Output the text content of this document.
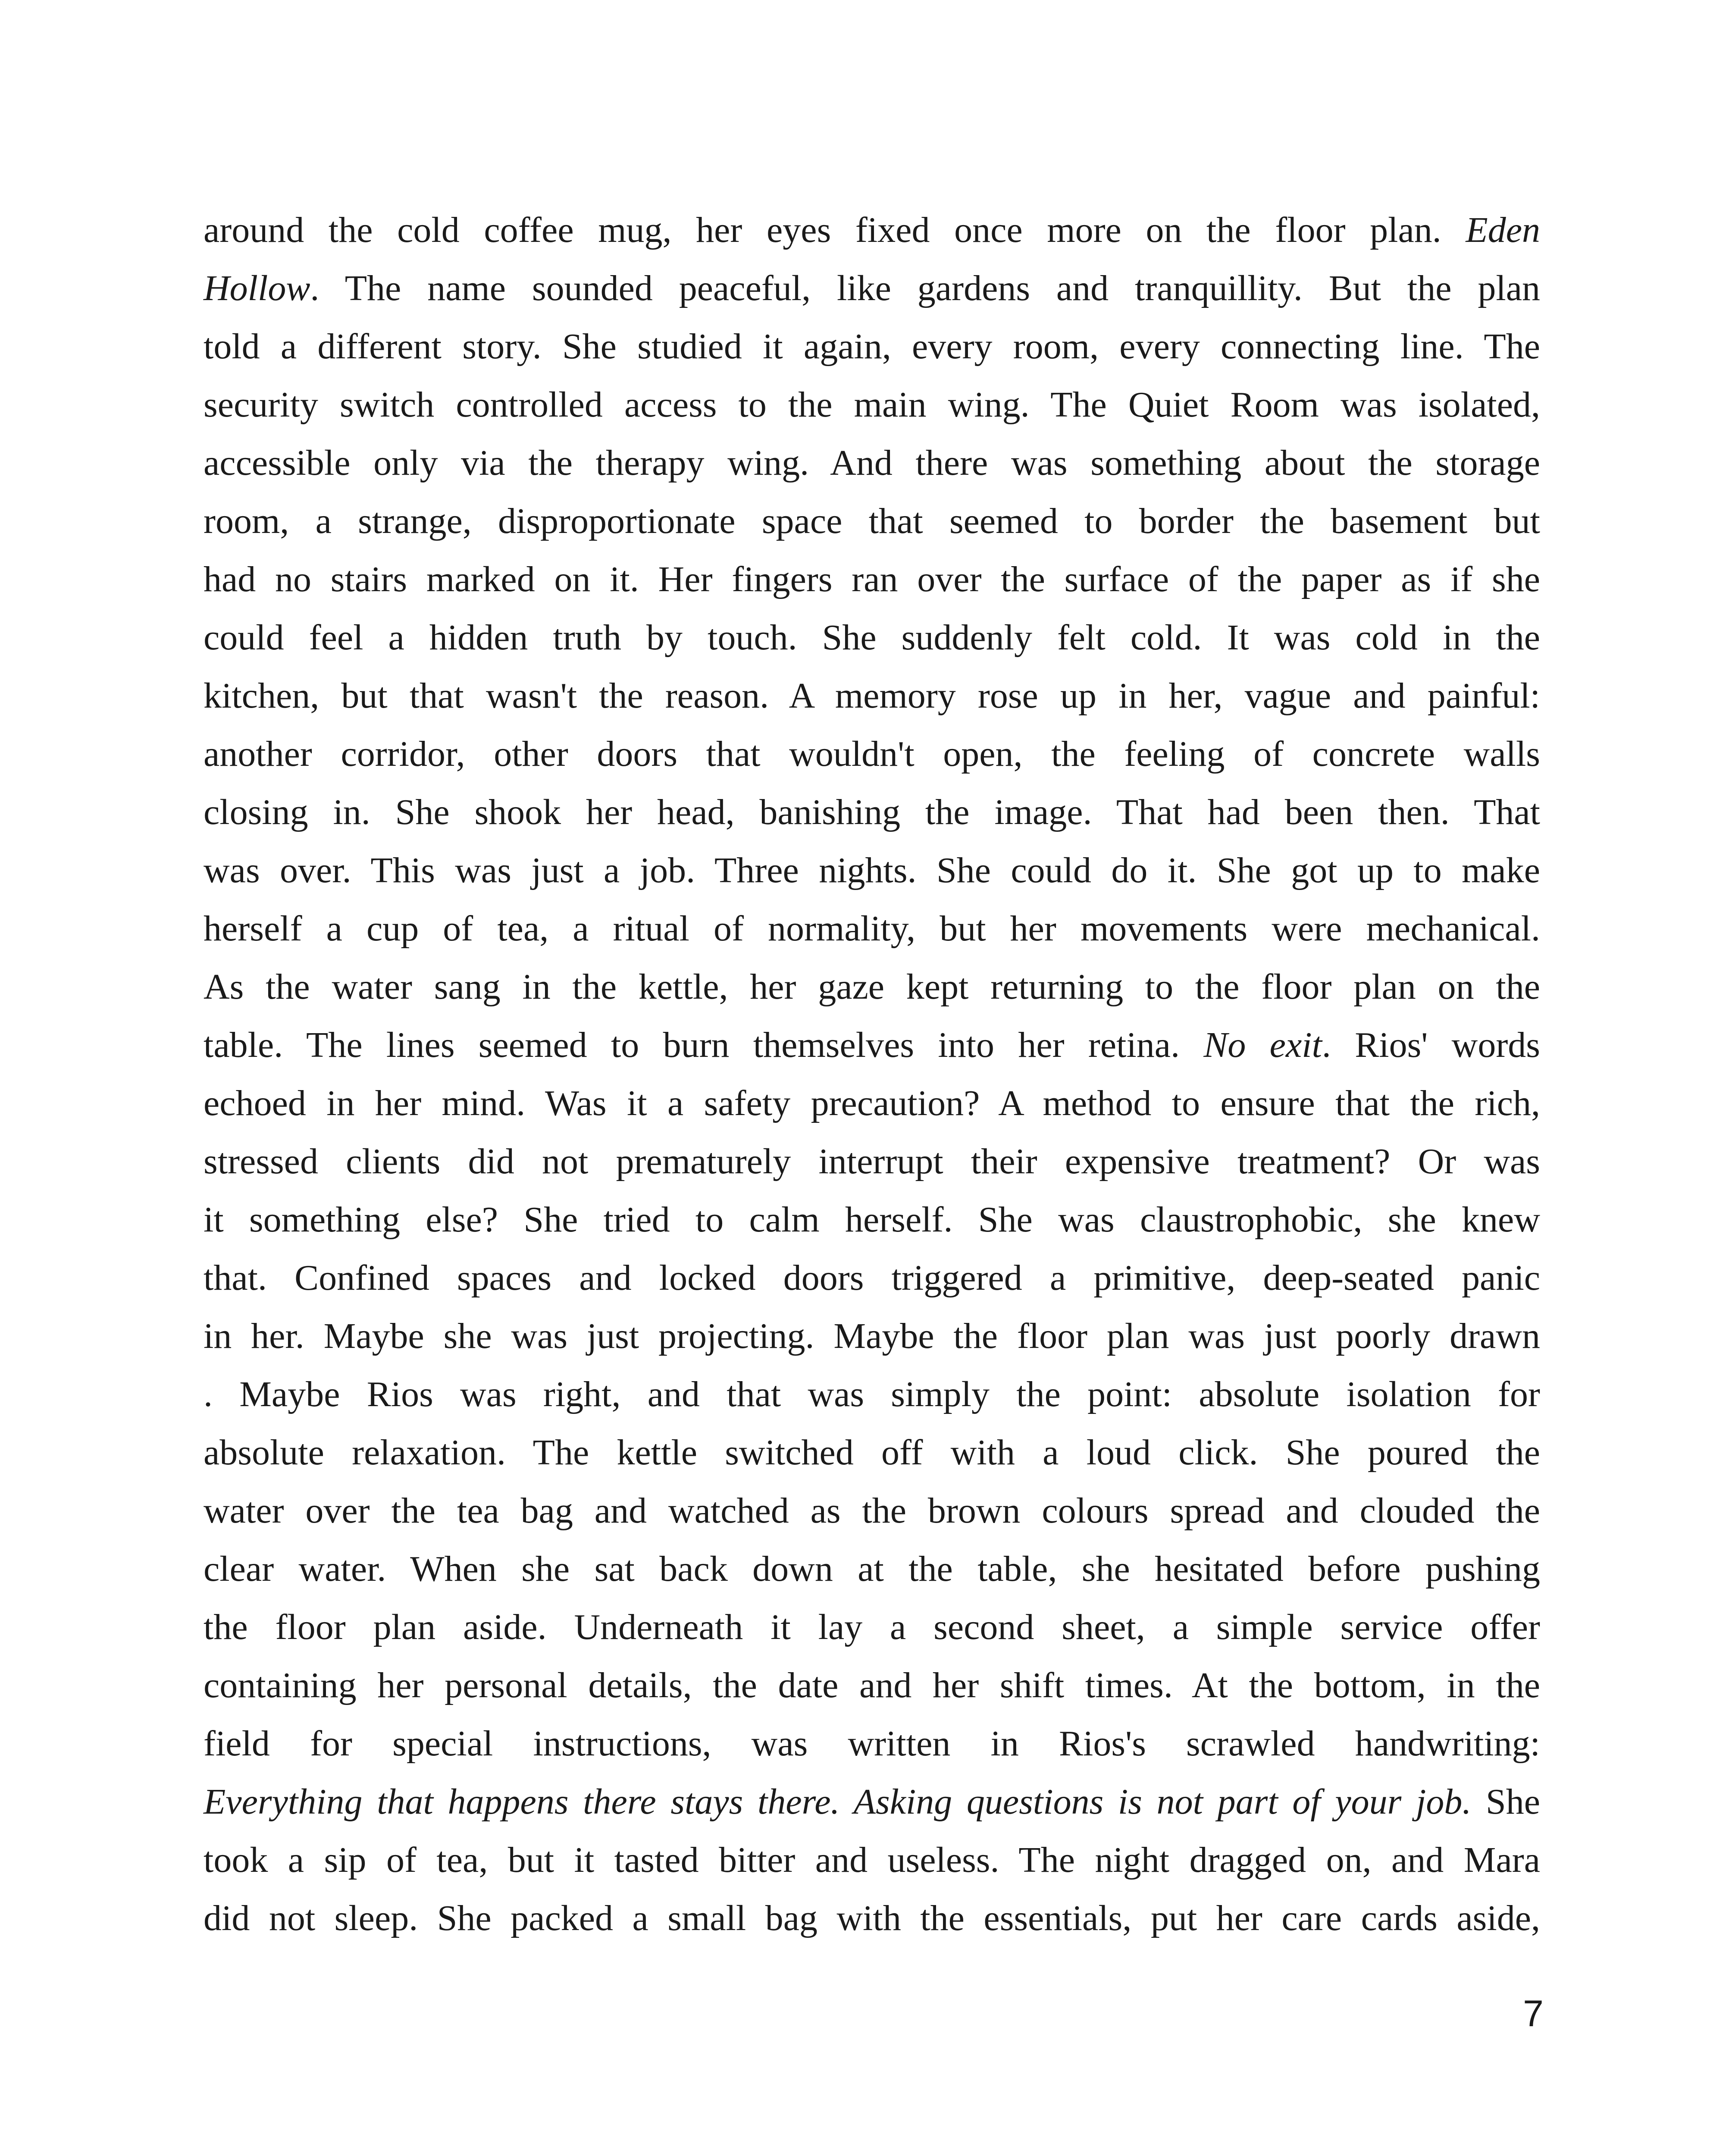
around the cold coffee mug, her eyes fixed once more on the floor plan. Eden
Hollow. The name sounded peaceful, like gardens and tranquillity. But the plan
told a different story. She studied it again, every room, every connecting line. The
security switch controlled access to the main wing. The Quiet Room was isolated,
accessible only via the therapy wing. And there was something about the storage
room, a strange, disproportionate space that seemed to border the basement but
had no stairs marked on it. Her fingers ran over the surface of the paper as if she
could feel a hidden truth by touch. She suddenly felt cold. It was cold in the
kitchen, but that wasn't the reason. A memory rose up in her, vague and painful:
another corridor, other doors that wouldn't open, the feeling of concrete walls
closing in. She shook her head, banishing the image. That had been then. That
was over. This was just a job. Three nights. She could do it. She got up to make
herself a cup of tea, a ritual of normality, but her movements were mechanical.
As the water sang in the kettle, her gaze kept returning to the floor plan on the
table. The lines seemed to burn themselves into her retina. No exit. Rios' words
echoed in her mind. Was it a safety precaution? A method to ensure that the rich,
stressed clients did not prematurely interrupt their expensive treatment? Or was
it something else? She tried to calm herself. She was claustrophobic, she knew
that. Confined spaces and locked doors triggered a primitive, deep-seated panic
in her. Maybe she was just projecting. Maybe the floor plan was just poorly drawn
. Maybe Rios was right, and that was simply the point: absolute isolation for
absolute relaxation. The kettle switched off with a loud click. She poured the
water over the tea bag and watched as the brown colours spread and clouded the
clear water. When she sat back down at the table, she hesitated before pushing
the floor plan aside. Underneath it lay a second sheet, a simple service offer
containing her personal details, the date and her shift times. At the bottom, in the
field for special instructions, was written in Rios's scrawled handwriting:
Everything that happens there stays there. Asking questions is not part of your job. She
took a sip of tea, but it tasted bitter and useless. The night dragged on, and Mara
did not sleep. She packed a small bag with the essentials, put her care cards aside,
7
